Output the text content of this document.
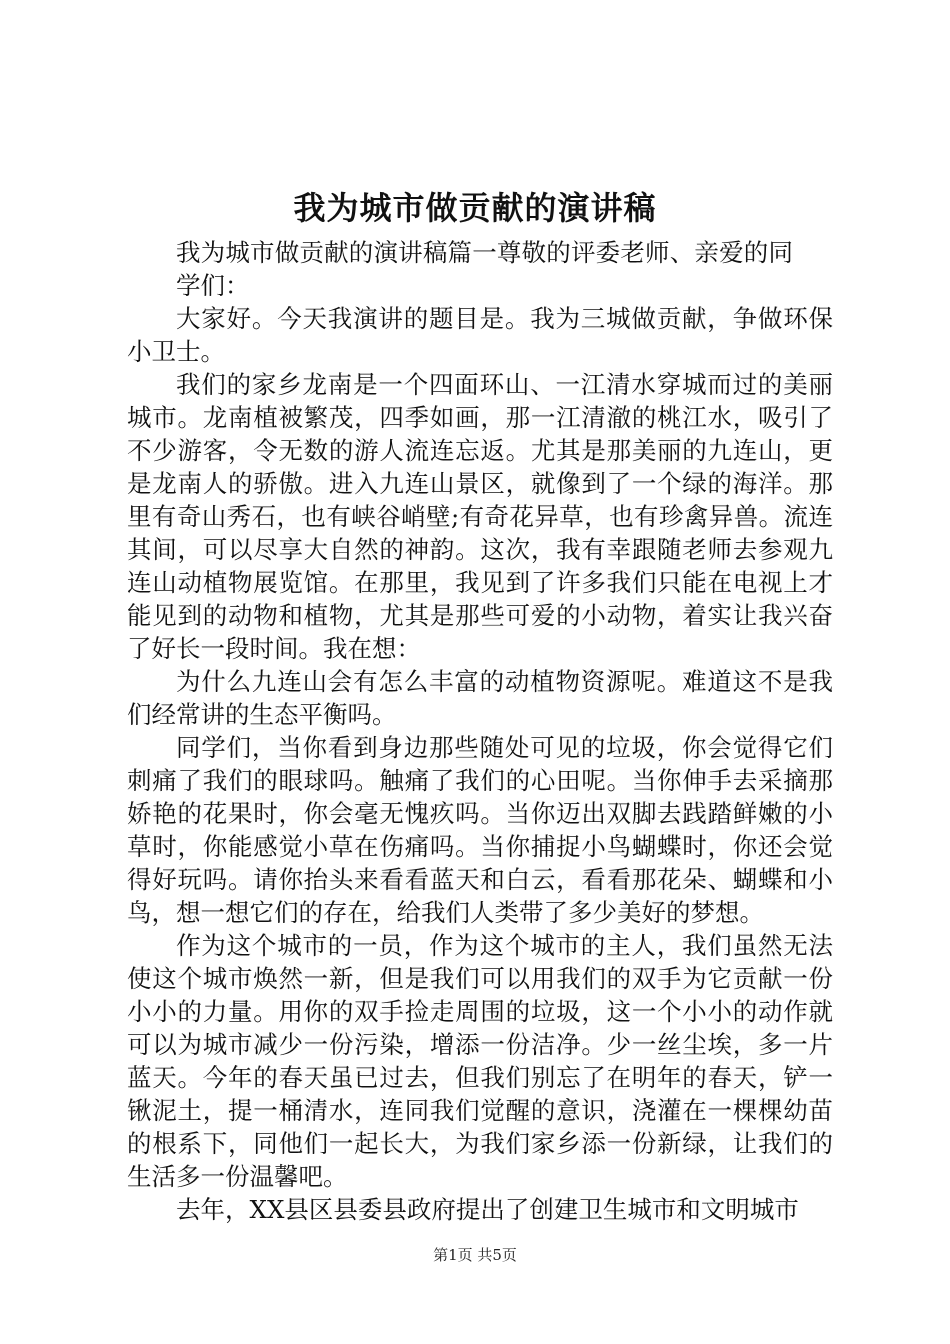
我为城市做贡献的演讲稿

我为城市做贡献的演讲稿篇一尊敬的评委老师、亲爱的同学们：

大家好。今天我演讲的题目是。我为三城做贡献，争做环保小卫士。

我们的家乡龙南是一个四面环山、一江清水穿城而过的美丽城市。龙南植被繁茂，四季如画，那一江清澈的桃江水，吸引了不少游客，令无数的游人流连忘返。尤其是那美丽的九连山，更是龙南人的骄傲。进入九连山景区，就像到了一个绿的海洋。那里有奇山秀石，也有峡谷峭壁;有奇花异草，也有珍禽异兽。流连其间，可以尽享大自然的神韵。这次，我有幸跟随老师去参观九连山动植物展览馆。在那里，我见到了许多我们只能在电视上才能见到的动物和植物，尤其是那些可爱的小动物，着实让我兴奋了好长一段时间。我在想：

为什么九连山会有怎么丰富的动植物资源呢。难道这不是我们经常讲的生态平衡吗。

同学们，当你看到身边那些随处可见的垃圾，你会觉得它们刺痛了我们的眼球吗。触痛了我们的心田呢。当你伸手去采摘那娇艳的花果时，你会毫无愧疚吗。当你迈出双脚去践踏鲜嫩的小草时，你能感觉小草在伤痛吗。当你捕捉小鸟蝴蝶时，你还会觉得好玩吗。请你抬头来看看蓝天和白云，看看那花朵、蝴蝶和小鸟，想一想它们的存在，给我们人类带了多少美好的梦想。

作为这个城市的一员，作为这个城市的主人，我们虽然无法使这个城市焕然一新，但是我们可以用我们的双手为它贡献一份小小的力量。用你的双手捡走周围的垃圾，这一个小小的动作就可以为城市减少一份污染，增添一份洁净。少一丝尘埃，多一片蓝天。今年的春天虽已过去，但我们别忘了在明年的春天，铲一锹泥土，提一桶清水，连同我们觉醒的意识，浇灌在一棵棵幼苗的根系下，同他们一起长大，为我们家乡添一份新绿，让我们的生活多一份温馨吧。

去年，XX县区县委县政府提出了创建卫生城市和文明城市

第1页 共5页
